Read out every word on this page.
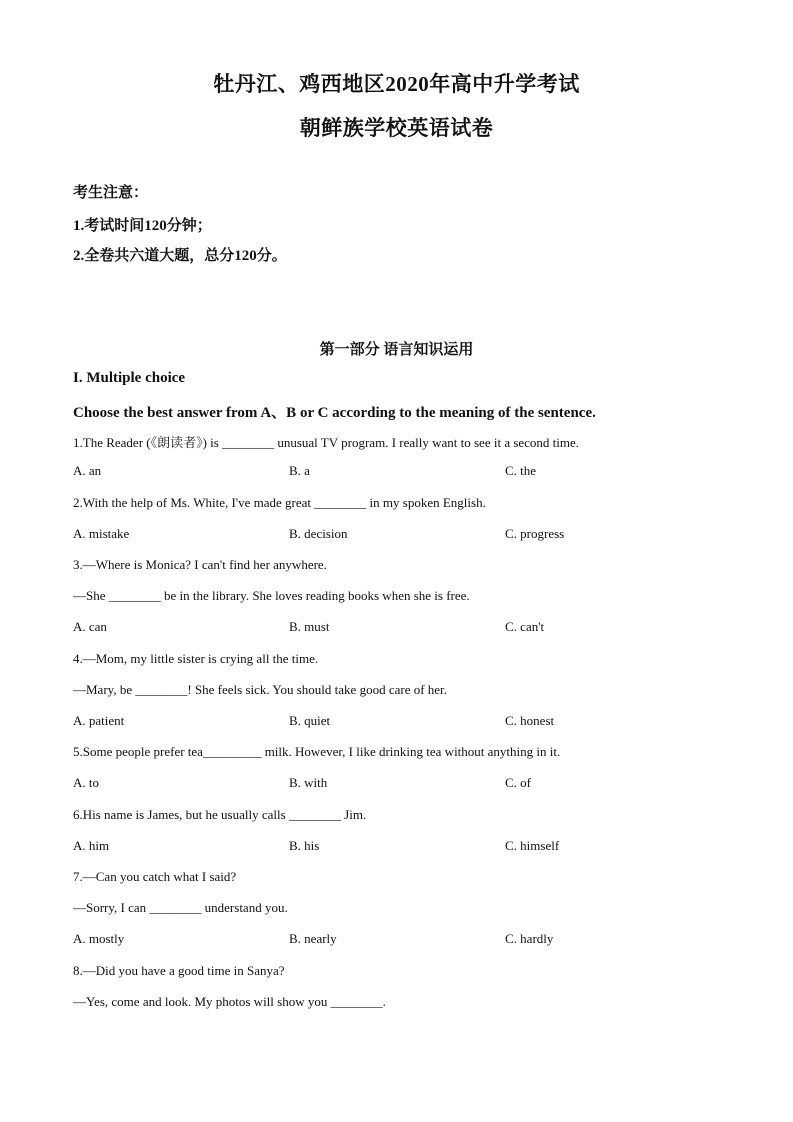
牡丹江、鸡西地区2020年高中升学考试
朝鲜族学校英语试卷
考生注意：
1.考试时间120分钟；
2.全卷共六道大题，总分120分。
第一部分 语言知识运用
I. Multiple choice
Choose the best answer from A、B or C according to the meaning of the sentence.
1.The Reader (《朗读者》) is ________ unusual TV program. I really want to see it a second time.
A. an	B. a	C. the
2.With the help of Ms. White, I've made great ________ in my spoken English.
A. mistake	B. decision	C. progress
3.—Where is Monica? I can't find her anywhere.
—She ________ be in the library. She loves reading books when she is free.
A. can	B. must	C. can't
4.—Mom, my little sister is crying all the time.
—Mary, be ________! She feels sick. You should take good care of her.
A. patient	B. quiet	C. honest
5.Some people prefer tea_________ milk. However, I like drinking tea without anything in it.
A. to	B. with	C. of
6.His name is James, but he usually calls ________ Jim.
A. him	B. his	C. himself
7.—Can you catch what I said?
—Sorry, I can ________ understand you.
A. mostly	B. nearly	C. hardly
8.—Did you have a good time in Sanya?
—Yes, come and look. My photos will show you ________.
